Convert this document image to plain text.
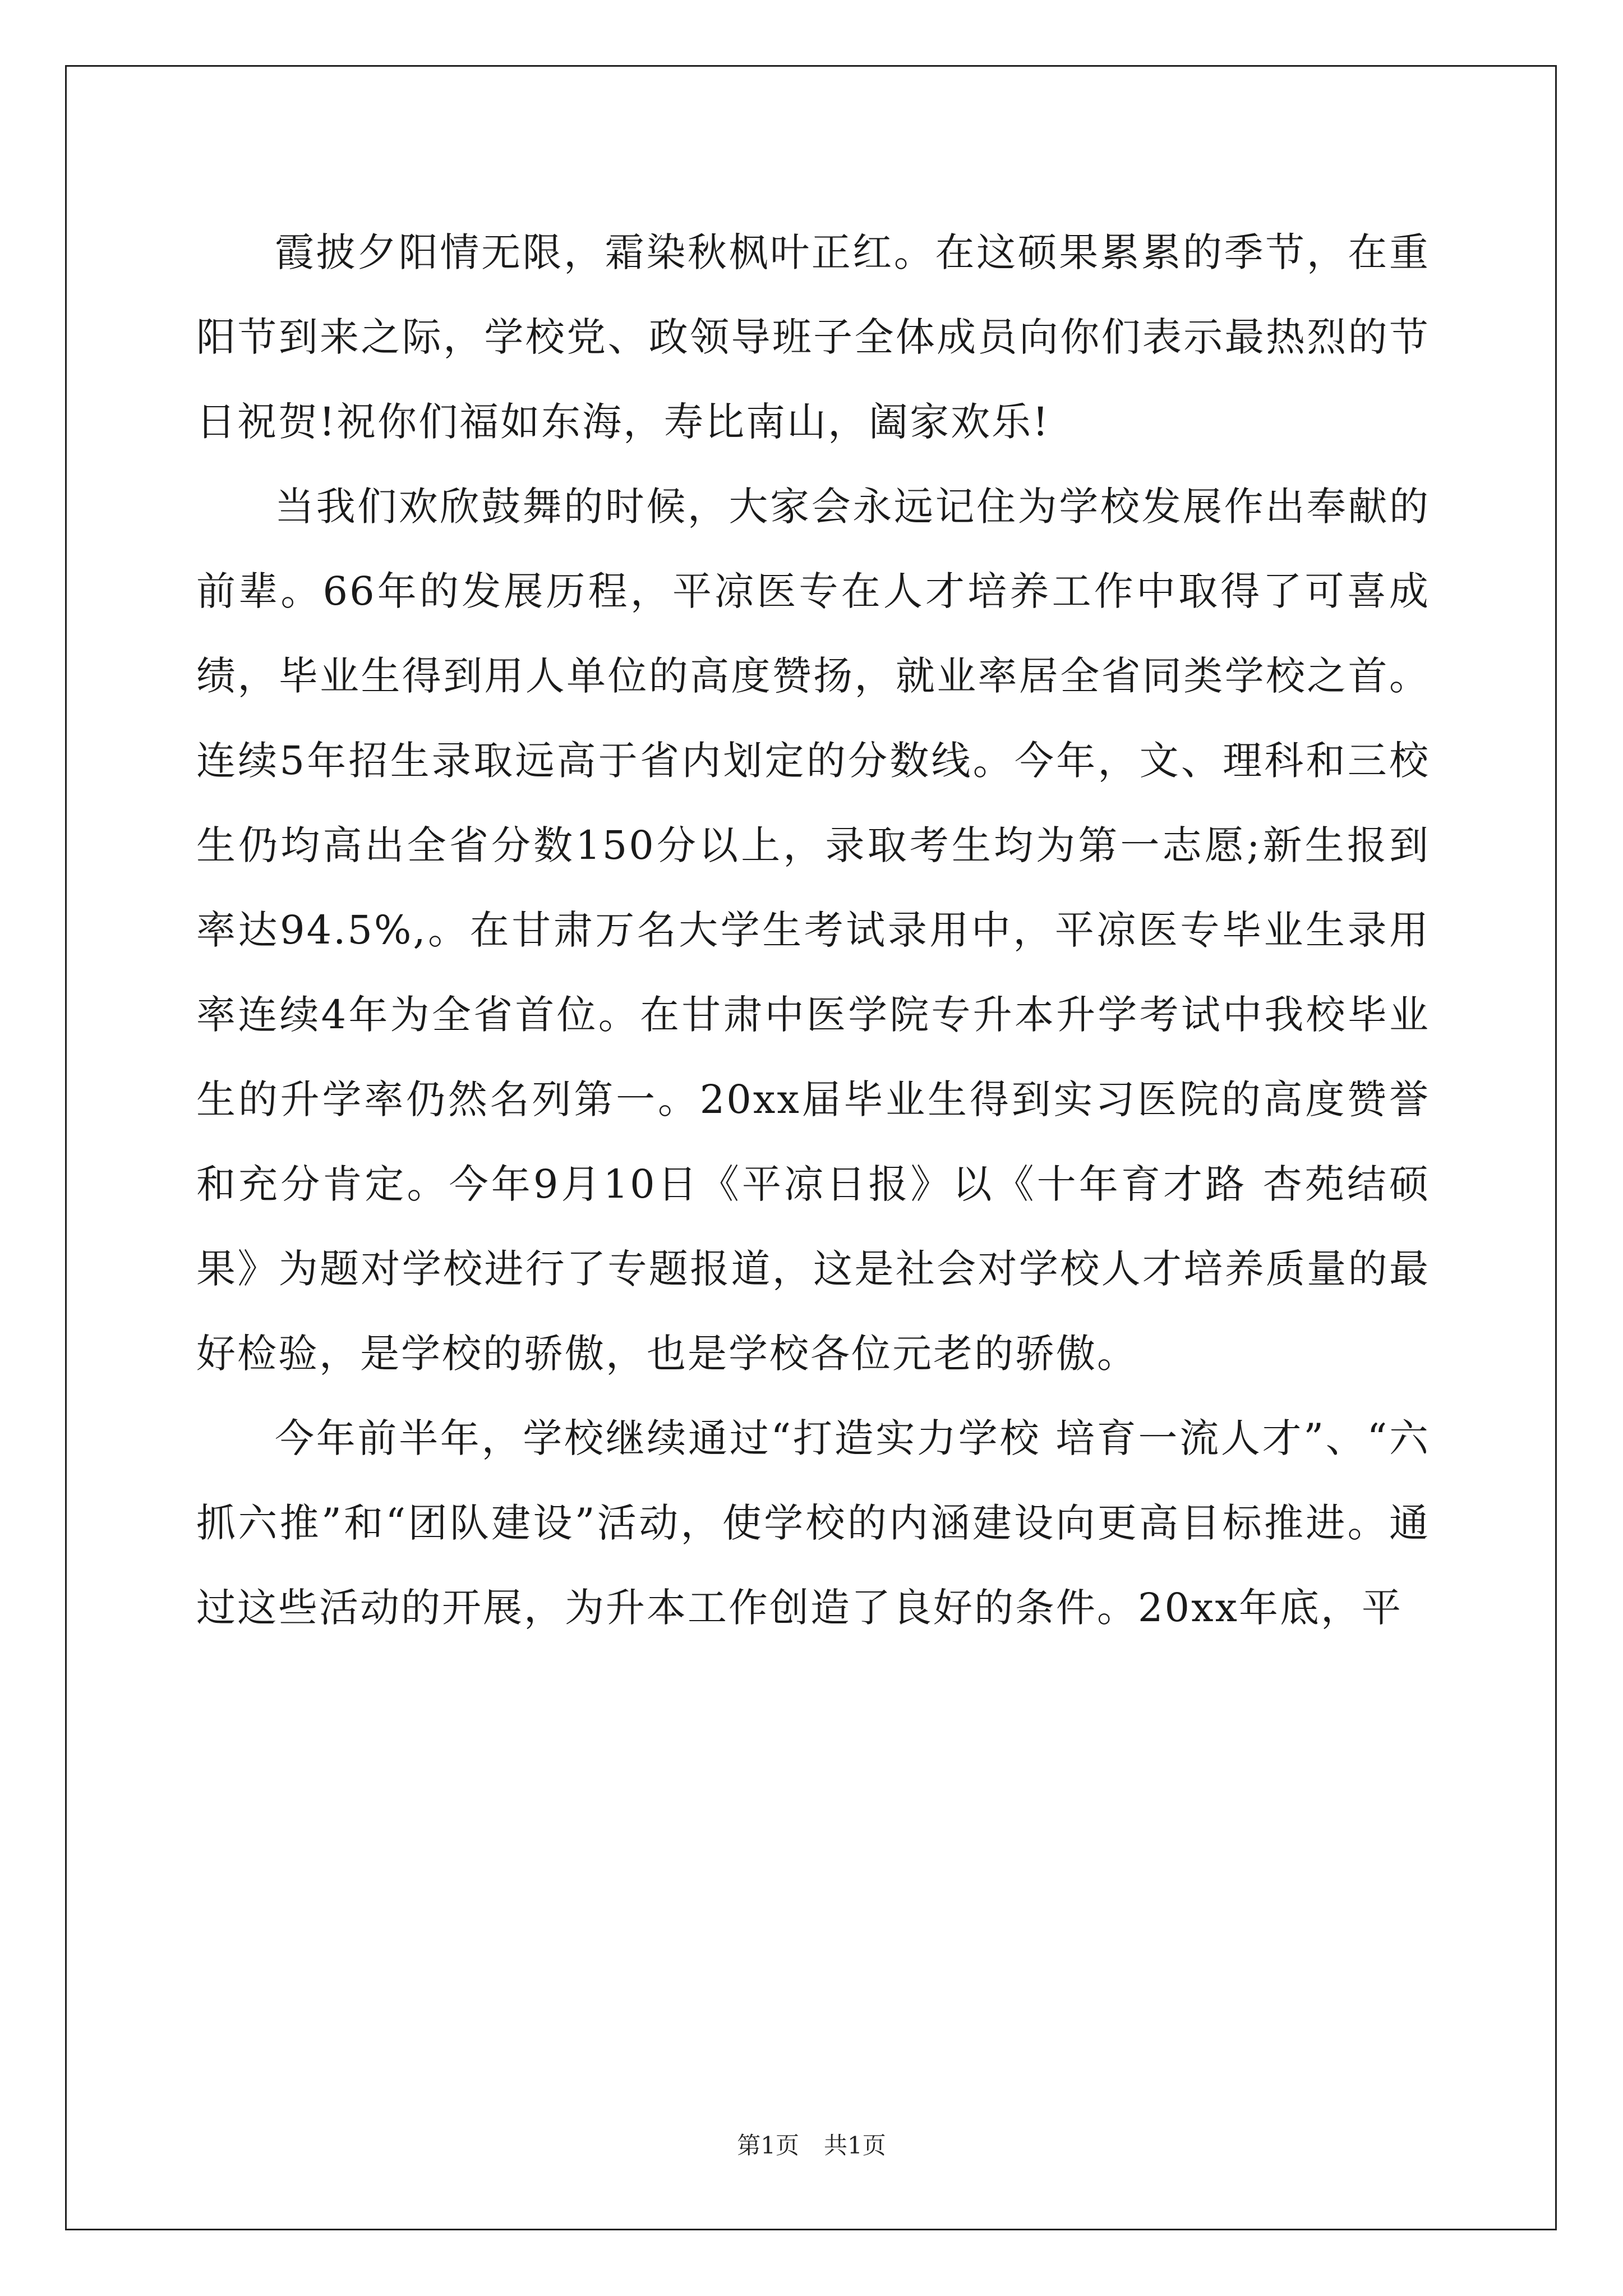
霞披夕阳情无限，霜染秋枫叶正红。在这硕果累累的季节，在重阳节到来之际，学校党、政领导班子全体成员向你们表示最热烈的节日祝贺!祝你们福如东海，寿比南山，阖家欢乐!

当我们欢欣鼓舞的时候，大家会永远记住为学校发展作出奉献的前辈。66年的发展历程，平凉医专在人才培养工作中取得了可喜成绩，毕业生得到用人单位的高度赞扬，就业率居全省同类学校之首。连续5年招生录取远高于省内划定的分数线。今年，文、理科和三校生仍均高出全省分数150分以上，录取考生均为第一志愿;新生报到率达94.5%,。在甘肃万名大学生考试录用中，平凉医专毕业生录用率连续4年为全省首位。在甘肃中医学院专升本升学考试中我校毕业生的升学率仍然名列第一。20xx届毕业生得到实习医院的高度赞誉和充分肯定。今年9月10日《平凉日报》以《十年育才路 杏苑结硕果》为题对学校进行了专题报道，这是社会对学校人才培养质量的最好检验，是学校的骄傲，也是学校各位元老的骄傲。

今年前半年，学校继续通过“打造实力学校 培育一流人才”、“六抓六推”和“团队建设”活动，使学校的内涵建设向更高目标推进。通过这些活动的开展，为升本工作创造了良好的条件。20xx年底，平

第1页 共1页
